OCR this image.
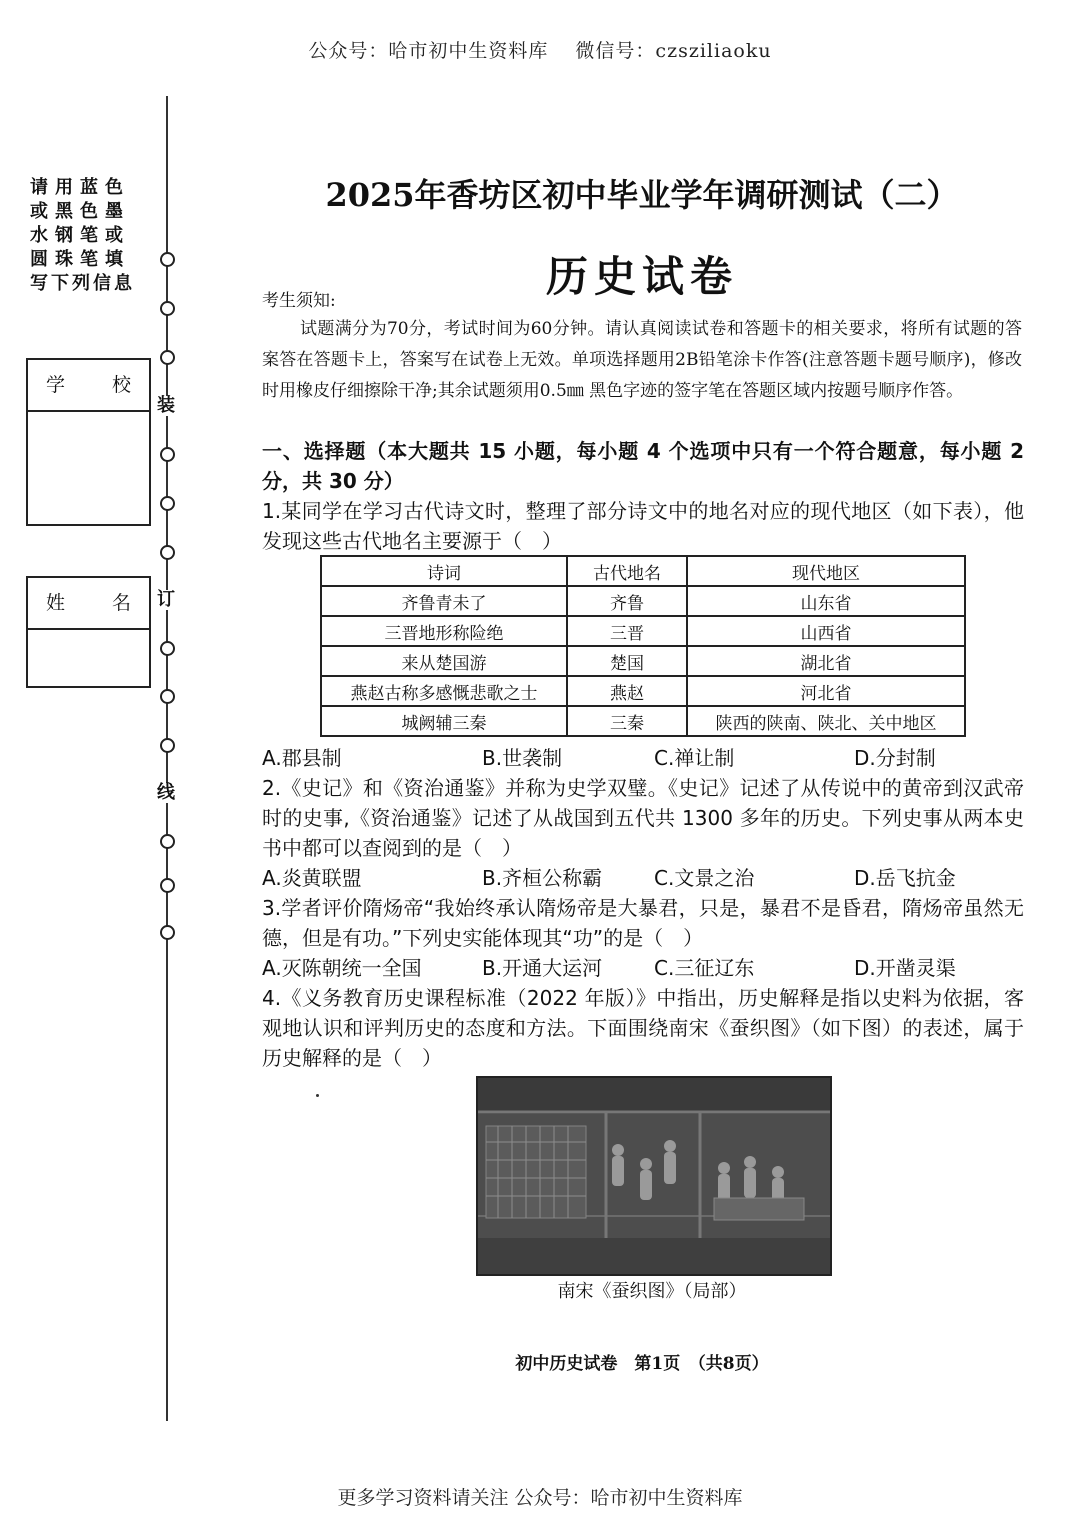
公众号：哈市初中生资料库　 微信号：czsziliaoku
装
订
线
请用蓝色
或黑色墨
水钢笔或
圆珠笔填
写下列信息
学 校
姓 名
2025年香坊区初中毕业学年调研测试（二）
历史试卷
考生须知:
试题满分为70分，考试时间为60分钟。请认真阅读试卷和答题卡的相关要求，将所有试题的答案答在答题卡上，答案写在试卷上无效。单项选择题用2B铅笔涂卡作答(注意答题卡题号顺序)，修改时用橡皮仔细擦除干净;其余试题须用0.5㎜ 黑色字迹的签字笔在答题区域内按题号顺序作答。
一、选择题（本大题共 15 小题，每小题 4 个选项中只有一个符合题意，每小题 2 分，共 30 分）
1.某同学在学习古代诗文时，整理了部分诗文中的地名对应的现代地区（如下表），他发现这些古代地名主要源于（　）
诗词	古代地名	现代地区
齐鲁青未了	齐鲁	山东省
三晋地形称险绝	三晋	山西省
来从楚国游	楚国	湖北省
燕赵古称多感慨悲歌之士	燕赵	河北省
城阙辅三秦	三秦	陕西的陕南、陕北、关中地区
A.郡县制	B.世袭制	C.禅让制	D.分封制
2.《史记》和《资治通鉴》并称为史学双璧。《史记》记述了从传说中的黄帝到汉武帝时的史事,《资治通鉴》记述了从战国到五代共 1300 多年的历史。下列史事从两本史书中都可以查阅到的是（　）
A.炎黄联盟	B.齐桓公称霸	C.文景之治	D.岳飞抗金
3.学者评价隋炀帝“我始终承认隋炀帝是大暴君，只是，暴君不是昏君，隋炀帝虽然无德，但是有功。”下列史实能体现其“功”的是（　）
A.灭陈朝统一全国	B.开通大运河	C.三征辽东	D.开凿灵渠
4.《义务教育历史课程标准（2022 年版）》中指出，历史解释是指以史料为依据，客观地认识和评判历史的态度和方法。下面围绕南宋《蚕织图》（如下图）的表述，属于历史解释的是（　）
南宋《蚕织图》（局部）
初中历史试卷　第1页　（共8页）
更多学习资料请关注 公众号：哈市初中生资料库
